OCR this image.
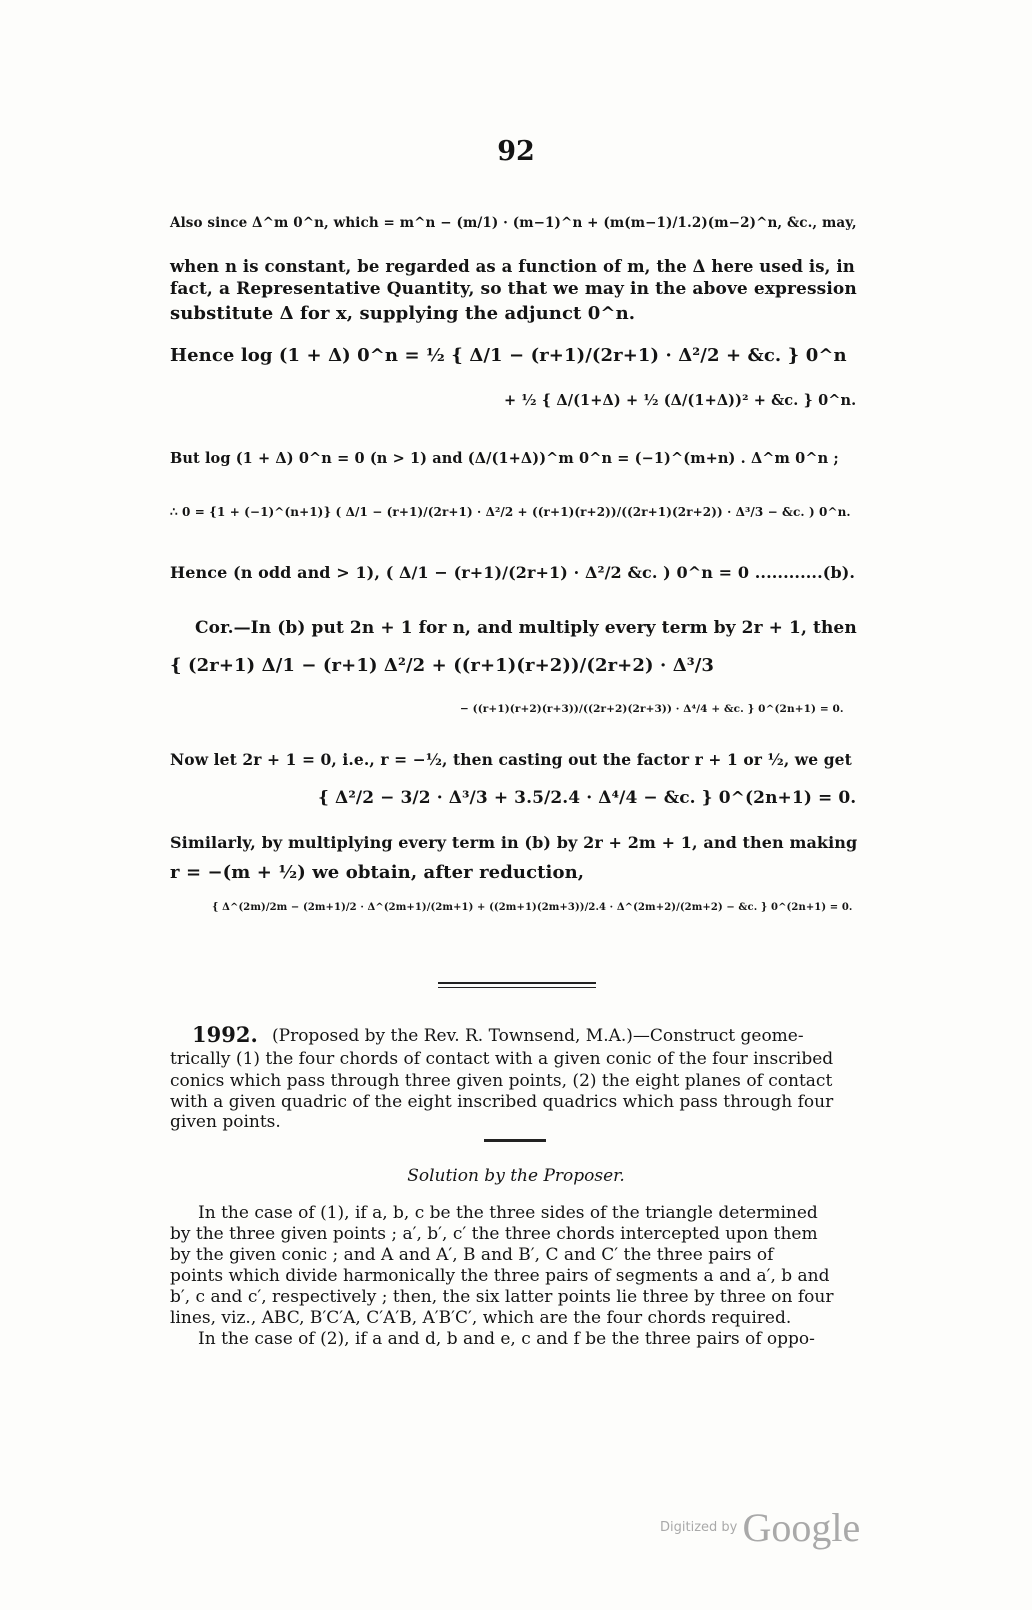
92
Also since Δ^m 0^n, which = m^n − (m/1) · (m−1)^n + (m(m−1)/1.2)(m−2)^n, &c., may,
when n is constant, be regarded as a function of m, the Δ here used is, in
fact, a Representative Quantity, so that we may in the above expression
substitute Δ for x, supplying the adjunct 0^n.
Hence log (1 + Δ) 0^n = ½ { Δ/1 − (r+1)/(2r+1) · Δ²/2 + &c. } 0^n
+ ½ { Δ/(1+Δ) + ½ (Δ/(1+Δ))² + &c. } 0^n.
But log (1 + Δ) 0^n = 0 (n > 1) and (Δ/(1+Δ))^m 0^n = (−1)^(m+n) . Δ^m 0^n ;
∴ 0 = {1 + (−1)^(n+1)} ( Δ/1 − (r+1)/(2r+1) · Δ²/2 + ((r+1)(r+2))/((2r+1)(2r+2)) · Δ³/3 − &c. ) 0^n.
Hence (n odd and > 1), ( Δ/1 − (r+1)/(2r+1) · Δ²/2 &c. ) 0^n = 0 ............(b).
Cor.—In (b) put 2n + 1 for n, and multiply every term by 2r + 1, then
{ (2r+1) Δ/1 − (r+1) Δ²/2 + ((r+1)(r+2))/(2r+2) · Δ³/3
− ((r+1)(r+2)(r+3))/((2r+2)(2r+3)) · Δ⁴/4 + &c. } 0^(2n+1) = 0.
Now let 2r + 1 = 0, i.e., r = −½, then casting out the factor r + 1 or ½, we get
{ Δ²/2 − 3/2 · Δ³/3 + 3.5/2.4 · Δ⁴/4 − &c. } 0^(2n+1) = 0.
Similarly, by multiplying every term in (b) by 2r + 2m + 1, and then making
r = −(m + ½) we obtain, after reduction,
{ Δ^(2m)/2m − (2m+1)/2 · Δ^(2m+1)/(2m+1) + ((2m+1)(2m+3))/2.4 · Δ^(2m+2)/(2m+2) − &c. } 0^(2n+1) = 0.
(Proposed by the Rev. R. Townsend, M.A.)—Construct geome-
trically (1) the four chords of contact with a given conic of the four inscribed
conics which pass through three given points, (2) the eight planes of contact
with a given quadric of the eight inscribed quadrics which pass through four
given points.
1992.
Solution by the Proposer.
In the case of (1), if a, b, c be the three sides of the triangle determined
by the three given points ; a′, b′, c′ the three chords intercepted upon them
by the given conic ; and A and A′, B and B′, C and C′ the three pairs of
points which divide harmonically the three pairs of segments a and a′, b and
b′, c and c′, respectively ; then, the six latter points lie three by three on four
lines, viz., ABC, B′C′A, C′A′B, A′B′C′, which are the four chords required.
In the case of (2), if a and d, b and e, c and f be the three pairs of oppo-
Digitized by Google
